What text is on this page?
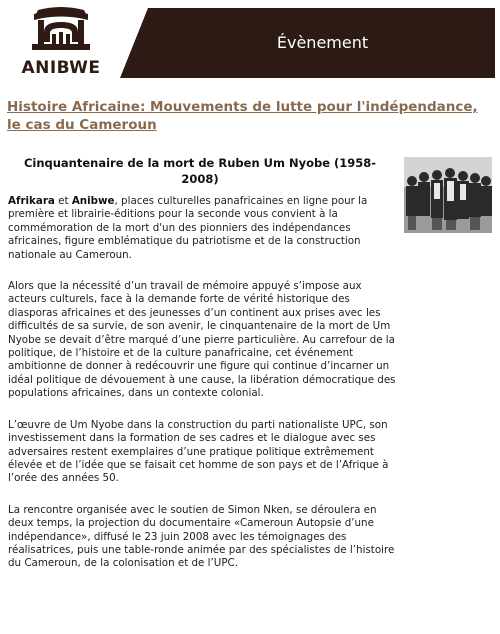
ANIBWE
Évènement
Histoire Africaine: Mouvements de lutte pour l'indépendance, le cas du Cameroun
Cinquantenaire de la mort de Ruben Um Nyobe (1958-2008)

Afrikara et Anibwe, places culturelles panafricaines en ligne pour la première et librairie-éditions pour la seconde vous convient à la commémoration de la mort d'un des pionniers des indépendances africaines, figure emblématique du patriotisme et de la construction nationale au Cameroun.

Alors que la nécessité d’un travail de mémoire appuyé s’impose aux acteurs culturels, face à la demande forte de vérité historique des diasporas africaines et des jeunesses d’un continent aux prises avec les difficultés de sa survie, de son avenir, le cinquantenaire de la mort de Um Nyobe se devait d’être marqué d’une pierre particulière. Au carrefour de la politique, de l’histoire et de la culture panafricaine, cet événement ambitionne de donner à redécouvrir une figure qui continue d’incarner un idéal politique de dévouement à une cause, la libération démocratique des populations africaines, dans un contexte colonial.

L’œuvre de Um Nyobe dans la construction du parti nationaliste UPC, son investissement dans la formation de ses cadres et le dialogue avec ses adversaires restent exemplaires d’une pratique politique extrêmement élevée et de l’idée que se faisait cet homme de son pays et de l’Afrique à l’orée des années 50.

La rencontre organisée avec le soutien de Simon Nken, se déroulera en deux temps, la projection du documentaire «Cameroun Autopsie d’une indépendance», diffusé le 23 juin 2008 avec les témoignages des réalisatrices, puis une table-ronde animée par des spécialistes de l’histoire du Cameroun, de la colonisation et de l’UPC.
